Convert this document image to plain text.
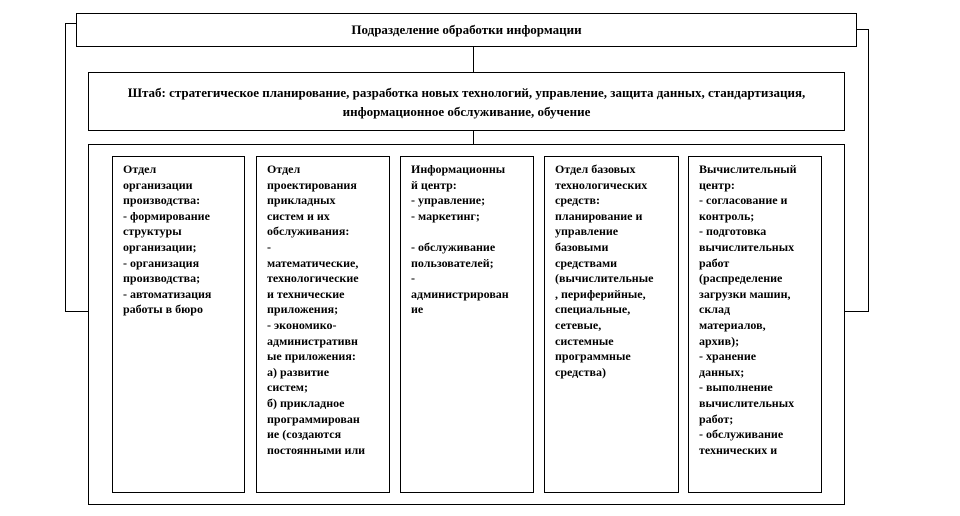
Подразделение обработки информации
Штаб: стратегическое планирование, разработка новых технологий, управление, защита данных, стандартизация, информационное обслуживание, обучение
Отдел
организации
производства:
- формирование
структуры
организации;
- организация
производства;
- автоматизация
работы в бюро
Отдел
проектирования
прикладных
систем и их
обслуживания:
-
математические,
технологические
и технические
приложения;
- экономико-
административн
ые приложения:
а) развитие
систем;
б) прикладное
программирован
ие (создаются
постоянными или
Информационны
й центр:
- управление;
- маркетинг;

- обслуживание
пользователей;
-
администрирован
ие
Отдел базовых
технологических
средств:
планирование и
управление
базовыми
средствами
(вычислительные
, периферийные,
специальные,
сетевые,
системные
программные
средства)
Вычислительный
центр:
- согласование и
контроль;
- подготовка
вычислительных
работ
(распределение
загрузки машин,
склад
материалов,
архив);
- хранение
данных;
- выполнение
вычислительных
работ;
- обслуживание
технических и
